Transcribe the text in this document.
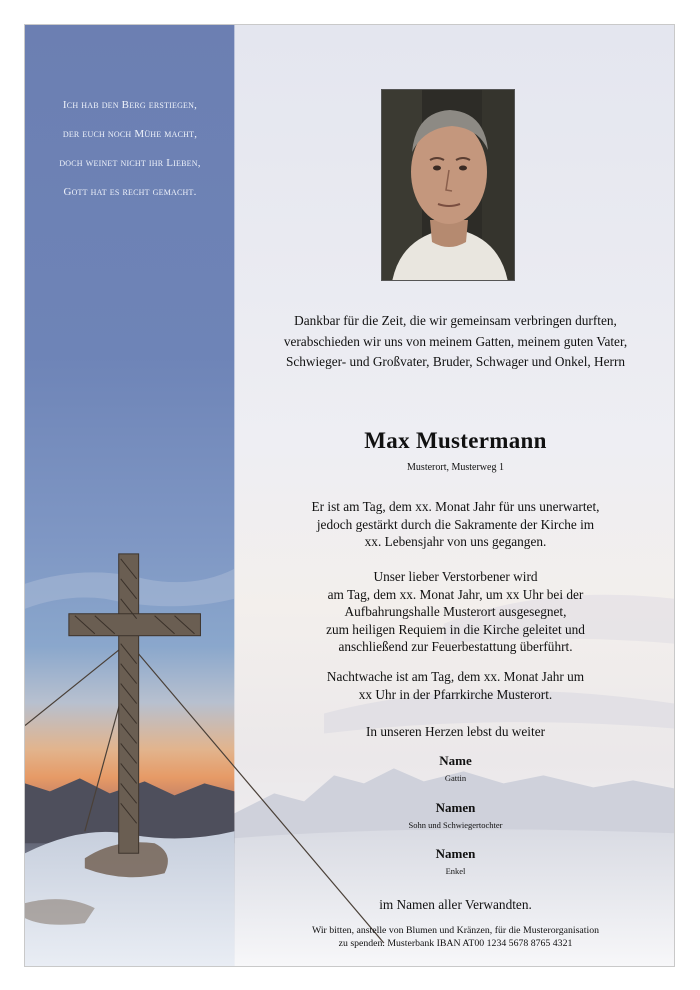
Ich hab den Berg erstiegen,
der euch noch Mühe macht,
doch weinet nicht ihr Lieben,
Gott hat es recht gemacht.
Dankbar für die Zeit, die wir gemeinsam verbringen durften, verabschieden wir uns von meinem Gatten, meinem guten Vater, Schwieger- und Großvater, Bruder, Schwager und Onkel, Herrn
Max Mustermann
Musterort, Musterweg 1
Er ist am Tag, dem xx. Monat Jahr für uns unerwartet,
jedoch gestärkt durch die Sakramente der Kirche im
xx. Lebensjahr von uns gegangen.
Unser lieber Verstorbener wird
am Tag, dem xx. Monat Jahr, um xx Uhr bei der
Aufbahrungshalle Musterort ausgesegnet,
zum heiligen Requiem in die Kirche geleitet und
anschließend zur Feuerbestattung überführt.
Nachtwache ist am Tag, dem xx. Monat Jahr um
xx Uhr in der Pfarrkirche Musterort.
In unseren Herzen lebst du weiter
Name
Gattin
Namen
Sohn und Schwiegertochter
Namen
Enkel
im Namen aller Verwandten.
Wir bitten, anstelle von Blumen und Kränzen, für die Musterorganisation
zu spenden. Musterbank IBAN AT00 1234 5678 8765 4321
